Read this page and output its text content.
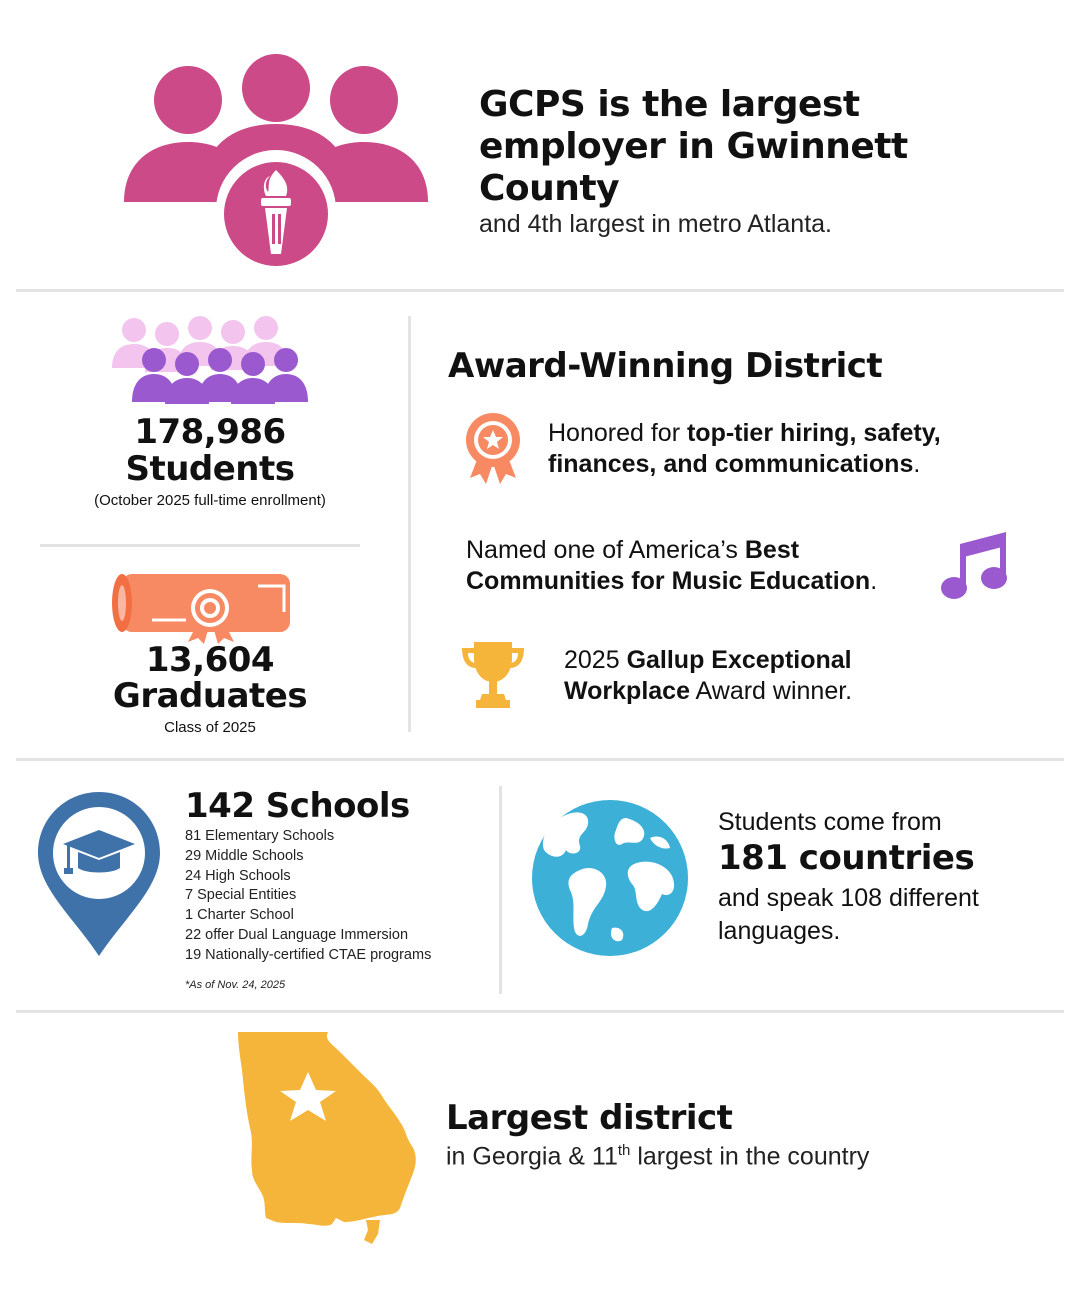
GCPS is the largest employer in Gwinnett County
and 4th largest in metro Atlanta.
178,986
Students
(October 2025 full-time enrollment)
13,604
Graduates
Class of 2025
Award-Winning District
Honored for top-tier hiring, safety, finances, and communications.
Named one of America’s Best Communities for Music Education.
2025 Gallup Exceptional Workplace Award winner.
142 Schools
81 Elementary Schools
29 Middle Schools
24 High Schools
7 Special Entities
1 Charter School
22 offer Dual Language Immersion
19 Nationally-certified CTAE programs
*As of Nov. 24, 2025
Students come from
181 countries
and speak 108 different languages.
Largest district
in Georgia & 11th largest in the country
